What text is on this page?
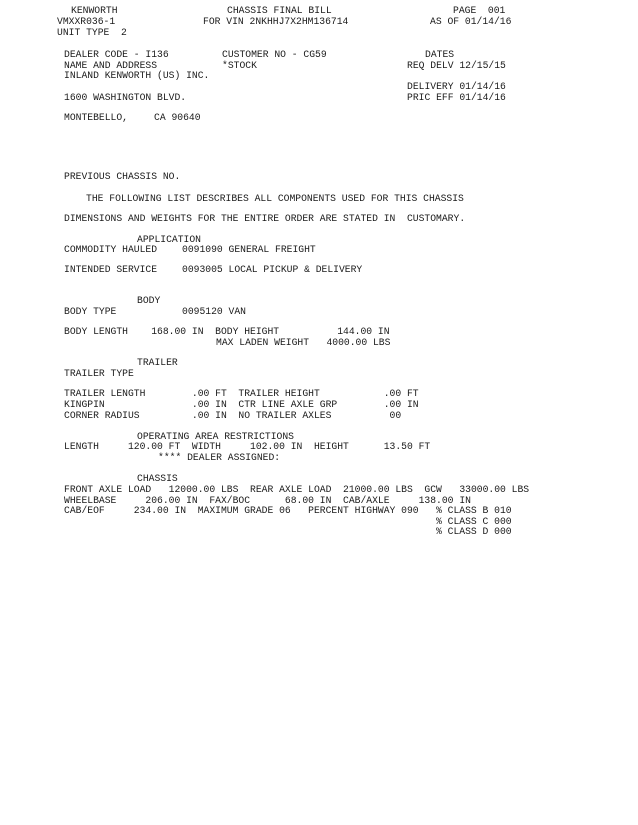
KENWORTH	CHASSIS FINAL BILL	PAGE  001
VMXXR036-1	FOR VIN 2NKHHJ7X2HM136714	AS OF 01/14/16
UNIT TYPE  2
DEALER CODE - I136	CUSTOMER NO - CG59	DATES
NAME AND ADDRESS	*STOCK	REQ DELV 12/15/15
INLAND KENWORTH (US) INC.
DELIVERY 01/14/16
1600 WASHINGTON BLVD.	PRIC EFF 01/14/16
MONTEBELLO,	CA 90640
PREVIOUS CHASSIS NO.
THE FOLLOWING LIST DESCRIBES ALL COMPONENTS USED FOR THIS CHASSIS
DIMENSIONS AND WEIGHTS FOR THE ENTIRE ORDER ARE STATED IN  CUSTOMARY.
APPLICATION
COMMODITY HAULED	0091090 GENERAL FREIGHT
INTENDED SERVICE	0093005 LOCAL PICKUP & DELIVERY
BODY
BODY TYPE	0095120 VAN
BODY LENGTH    168.00 IN  BODY HEIGHT          144.00 IN
MAX LADEN WEIGHT   4000.00 LBS
TRAILER
TRAILER TYPE
TRAILER LENGTH        .00 FT  TRAILER HEIGHT           .00 FT
KINGPIN               .00 IN  CTR LINE AXLE GRP        .00 IN
CORNER RADIUS         .00 IN  NO TRAILER AXLES          00
OPERATING AREA RESTRICTIONS
LENGTH     120.00 FT  WIDTH     102.00 IN  HEIGHT      13.50 FT
**** DEALER ASSIGNED:
CHASSIS
FRONT AXLE LOAD   12000.00 LBS  REAR AXLE LOAD  21000.00 LBS  GCW   33000.00 LBS
WHEELBASE     206.00 IN  FAX/BOC      68.00 IN  CAB/AXLE     138.00 IN
CAB/EOF     234.00 IN  MAXIMUM GRADE 06   PERCENT HIGHWAY 090 % CLASS B 010
% CLASS C 000
% CLASS D 000
